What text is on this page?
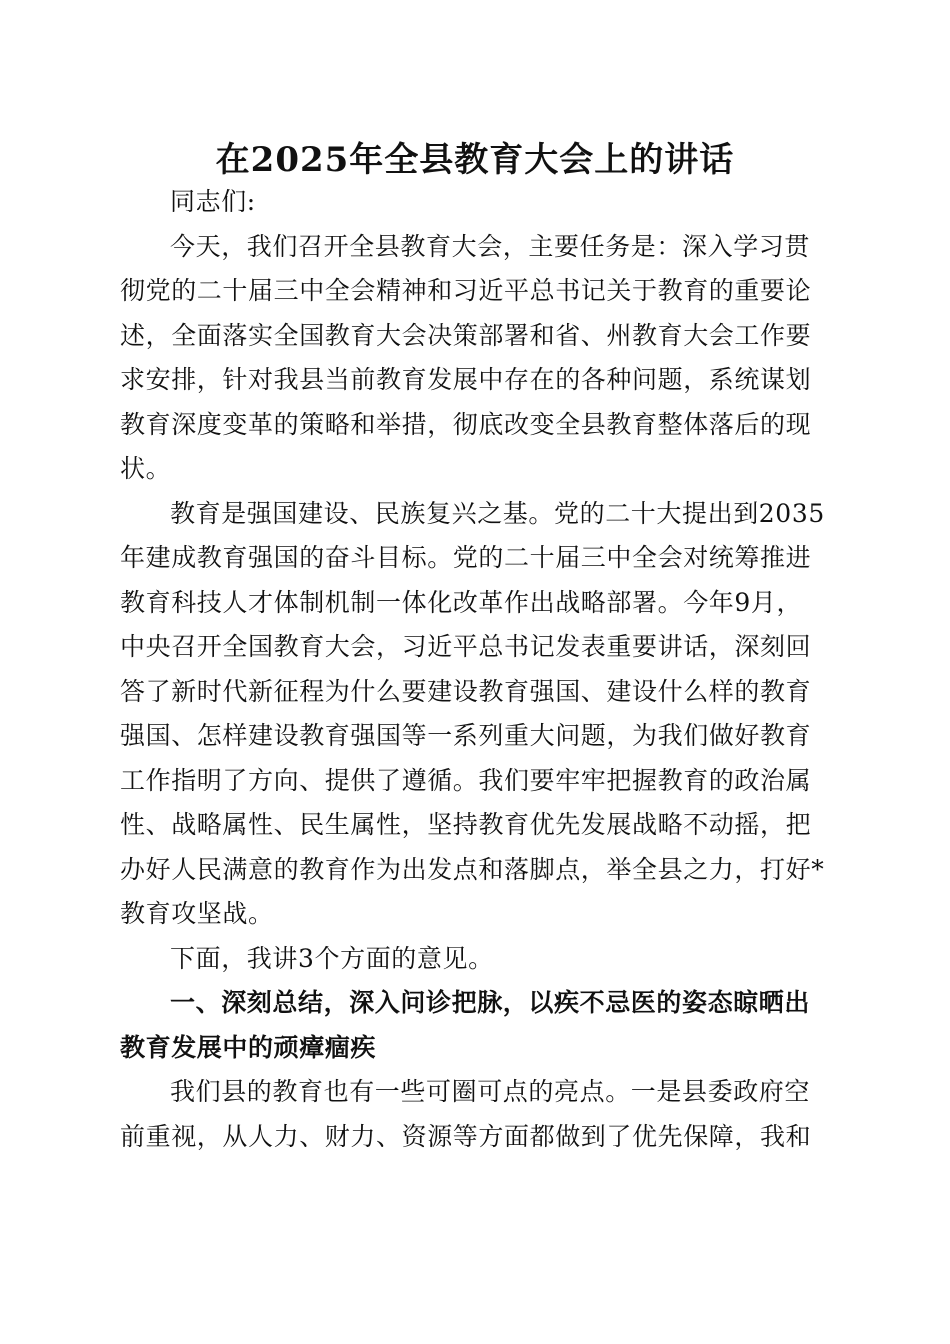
在2025年全县教育大会上的讲话

同志们:

今天，我们召开全县教育大会，主要任务是：深入学习贯

彻党的二十届三中全会精神和习近平总书记关于教育的重要论

述，全面落实全国教育大会决策部署和省、州教育大会工作要

求安排，针对我县当前教育发展中存在的各种问题，系统谋划

教育深度变革的策略和举措，彻底改变全县教育整体落后的现

状。

教育是强国建设、民族复兴之基。党的二十大提出到2035

年建成教育强国的奋斗目标。党的二十届三中全会对统筹推进

教育科技人才体制机制一体化改革作出战略部署。今年9月，

中央召开全国教育大会，习近平总书记发表重要讲话，深刻回

答了新时代新征程为什么要建设教育强国、建设什么样的教育

强国、怎样建设教育强国等一系列重大问题，为我们做好教育

工作指明了方向、提供了遵循。我们要牢牢把握教育的政治属

性、战略属性、民生属性，坚持教育优先发展战略不动摇，把

办好人民满意的教育作为出发点和落脚点，举全县之力，打好*

教育攻坚战。

下面，我讲3个方面的意见。

一、深刻总结，深入问诊把脉，以疾不忌医的姿态晾晒出

教育发展中的顽瘴痼疾

我们县的教育也有一些可圈可点的亮点。一是县委政府空

前重视，从人力、财力、资源等方面都做到了优先保障，我和
